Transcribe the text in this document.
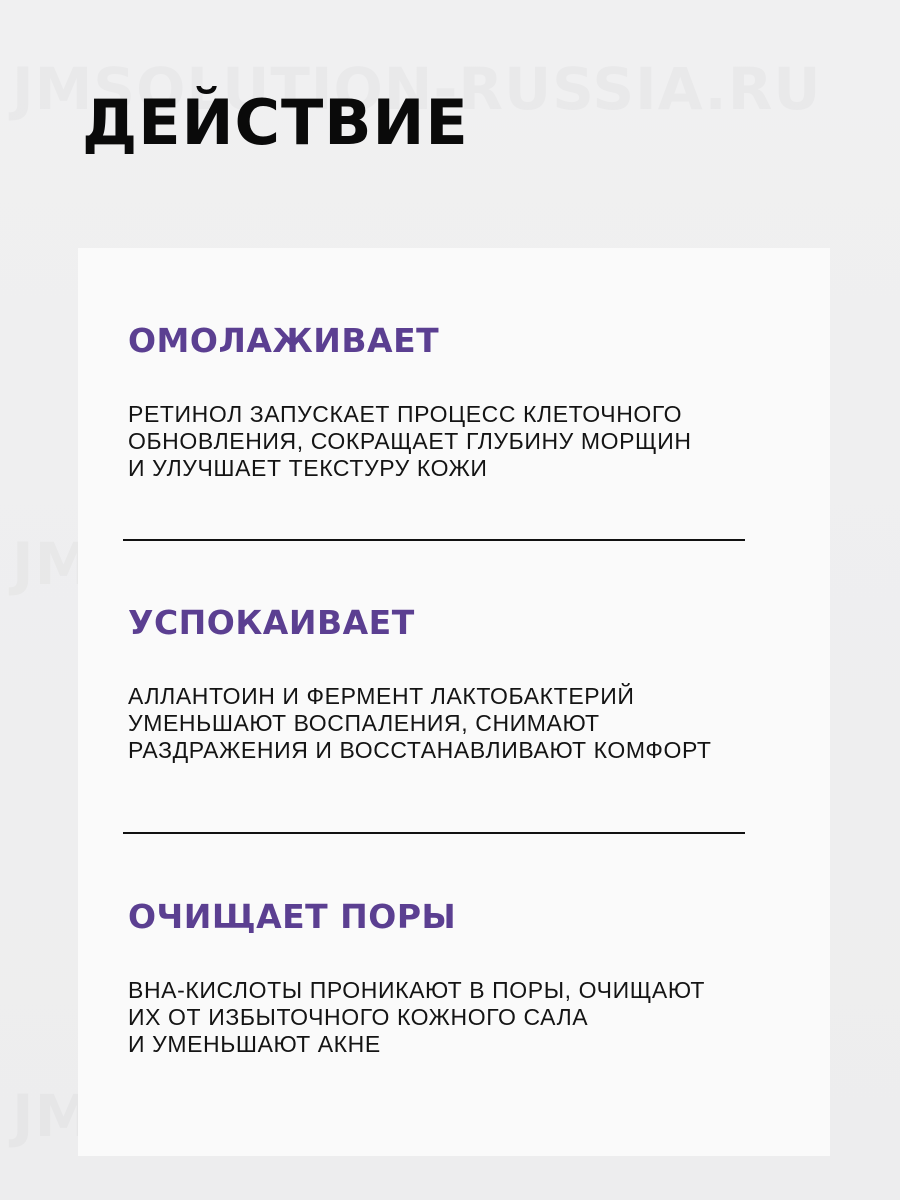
ДЕЙСТВИЕ
ОМОЛАЖИВАЕТ

РЕТИНОЛ ЗАПУСКАЕТ ПРОЦЕСС КЛЕТОЧНОГО
ОБНОВЛЕНИЯ, СОКРАЩАЕТ ГЛУБИНУ МОРЩИН
И УЛУЧШАЕТ ТЕКСТУРУ КОЖИ

УСПОКАИВАЕТ

АЛЛАНТОИН И ФЕРМЕНТ ЛАКТОБАКТЕРИЙ
УМЕНЬШАЮТ ВОСПАЛЕНИЯ, СНИМАЮТ
РАЗДРАЖЕНИЯ И ВОССТАНАВЛИВАЮТ КОМФОРТ

ОЧИЩАЕТ ПОРЫ

BHA-КИСЛОТЫ ПРОНИКАЮТ В ПОРЫ, ОЧИЩАЮТ
ИХ ОТ ИЗБЫТОЧНОГО КОЖНОГО САЛА
И УМЕНЬШАЮТ АКНЕ
